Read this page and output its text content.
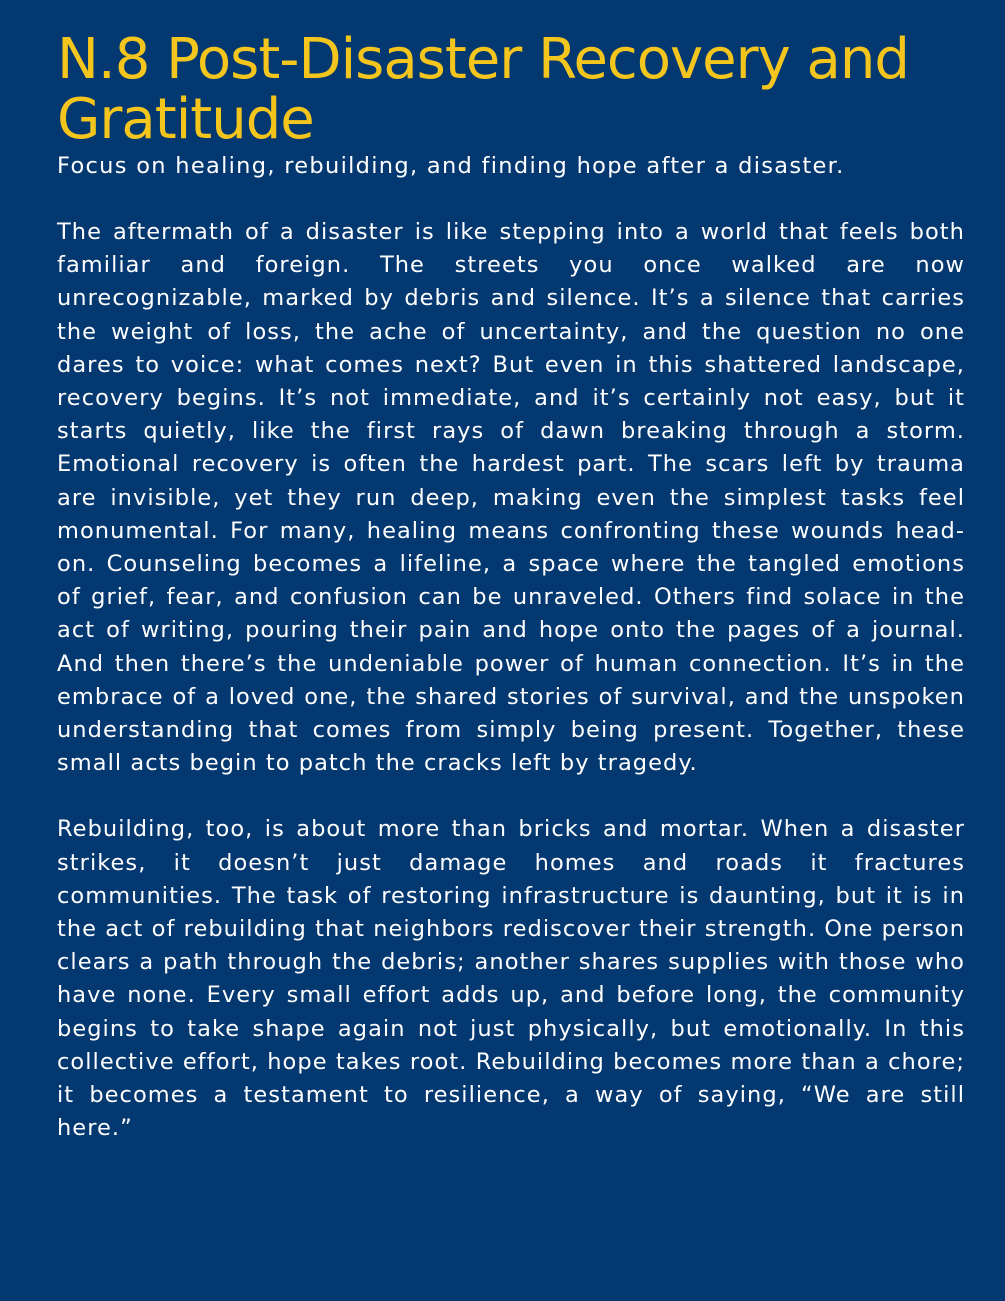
N.8 Post-Disaster Recovery and Gratitude

Focus on healing, rebuilding, and finding hope after a disaster.

The aftermath of a disaster is like stepping into a world that feels both familiar and foreign. The streets you once walked are now unrecognizable, marked by debris and silence. It’s a silence that carries the weight of loss, the ache of uncertainty, and the question no one dares to voice: what comes next? But even in this shattered landscape, recovery begins. It’s not immediate, and it’s certainly not easy, but it starts quietly, like the first rays of dawn breaking through a storm. Emotional recovery is often the hardest part. The scars left by trauma are invisible, yet they run deep, making even the simplest tasks feel monumental. For many, healing means confronting these wounds head-on. Counseling becomes a lifeline, a space where the tangled emotions of grief, fear, and confusion can be unraveled. Others find solace in the act of writing, pouring their pain and hope onto the pages of a journal. And then there’s the undeniable power of human connection. It’s in the embrace of a loved one, the shared stories of survival, and the unspoken understanding that comes from simply being present. Together, these small acts begin to patch the cracks left by tragedy.

Rebuilding, too, is about more than bricks and mortar. When a disaster strikes, it doesn’t just damage homes and roads it fractures communities. The task of restoring infrastructure is daunting, but it is in the act of rebuilding that neighbors rediscover their strength. One person clears a path through the debris; another shares supplies with those who have none. Every small effort adds up, and before long, the community begins to take shape again not just physically, but emotionally. In this collective effort, hope takes root. Rebuilding becomes more than a chore; it becomes a testament to resilience, a way of saying, “We are still here.”
